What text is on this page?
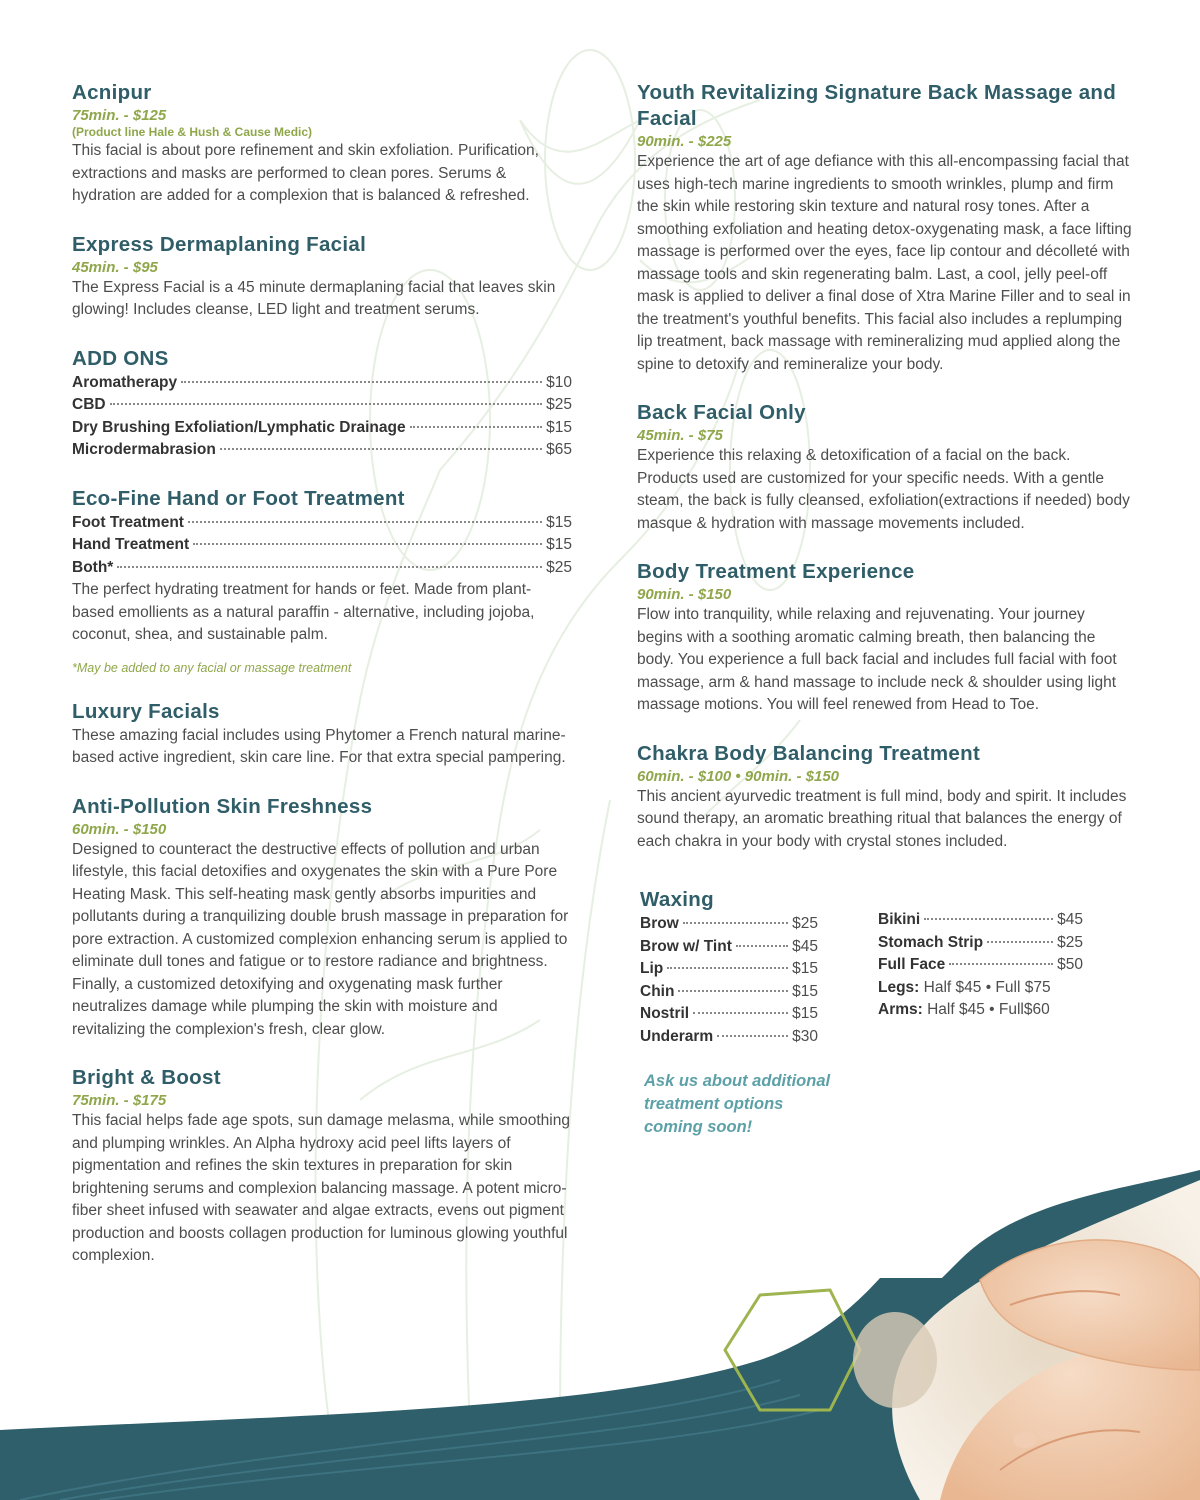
Acnipur
75min. - $125
(Product line Hale & Hush & Cause Medic)

This facial is about pore refinement and skin exfoliation. Purification, extractions and masks are performed to clean pores. Serums & hydration are added for a complexion that is balanced & refreshed.

Express Dermaplaning Facial
45min. - $95

The Express Facial is a 45 minute dermaplaning facial that leaves skin glowing! Includes cleanse, LED light and treatment serums.

ADD ONS
Aromatherapy	$10
CBD	$25
Dry Brushing Exfoliation/Lymphatic Drainage	$15
Microdermabrasion	$65
Eco-Fine Hand or Foot Treatment
Foot Treatment	$15
Hand Treatment	$15
Both*	$25

The perfect hydrating treatment for hands or feet. Made from plant-based emollients as a natural paraffin - alternative, including jojoba, coconut, shea, and sustainable palm.

*May be added to any facial or massage treatment

Luxury Facials

These amazing facial includes using Phytomer a French natural marine-based active ingredient, skin care line. For that extra special pampering.

Anti-Pollution Skin Freshness
60min. - $150

Designed to counteract the destructive effects of pollution and urban lifestyle, this facial detoxifies and oxygenates the skin with a Pure Pore Heating Mask. This self-heating mask gently absorbs impurities and pollutants during a tranquilizing double brush massage in preparation for pore extraction. A customized complexion enhancing serum is applied to eliminate dull tones and fatigue or to restore radiance and brightness. Finally, a customized detoxifying and oxygenating mask further neutralizes damage while plumping the skin with moisture and revitalizing the complexion's fresh, clear glow.

Bright & Boost
75min. - $175

This facial helps fade age spots, sun damage melasma, while smoothing and plumping wrinkles. An Alpha hydroxy acid peel lifts layers of pigmentation and refines the skin textures in preparation for skin brightening serums and complexion balancing massage. A potent micro-fiber sheet infused with seawater and algae extracts, evens out pigment production and boosts collagen production for luminous glowing youthful complexion.

Youth Revitalizing Signature Back Massage and Facial
90min. - $225

Experience the art of age defiance with this all-encompassing facial that uses high-tech marine ingredients to smooth wrinkles, plump and firm the skin while restoring skin texture and natural rosy tones. After a smoothing exfoliation and heating detox-oxygenating mask, a face lifting massage is performed over the eyes, face lip contour and décolleté with massage tools and skin regenerating balm. Last, a cool, jelly peel-off mask is applied to deliver a final dose of Xtra Marine Filler and to seal in the treatment's youthful benefits. This facial also includes a replumping lip treatment, back massage with remineralizing mud applied along the spine to detoxify and remineralize your body.

Back Facial Only
45min. - $75

Experience this relaxing & detoxification of a facial on the back. Products used are customized for your specific needs. With a gentle steam, the back is fully cleansed, exfoliation(extractions if needed) body masque & hydration with massage movements included.

Body Treatment Experience
90min. - $150

Flow into tranquility, while relaxing and rejuvenating. Your journey begins with a soothing aromatic calming breath, then balancing the body. You experience a full back facial and includes full facial with foot massage, arm & hand massage to include neck & shoulder using light massage motions. You will feel renewed from Head to Toe.

Chakra Body Balancing Treatment
60min. - $100 • 90min. - $150

This ancient ayurvedic treatment is full mind, body and spirit. It includes sound therapy, an aromatic breathing ritual that balances the energy of each chakra in your body with crystal stones included.

Waxing
Brow	$25
Brow w/ Tint	$45
Lip	$15
Chin	$15
Nostril	$15
Underarm	$30
Bikini	$45
Stomach Strip	$25
Full Face	$50
Legs:
Half $45 • Full $75
Arms:
Half $45 • Full$60
Ask us about additional
treatment options
coming soon!
